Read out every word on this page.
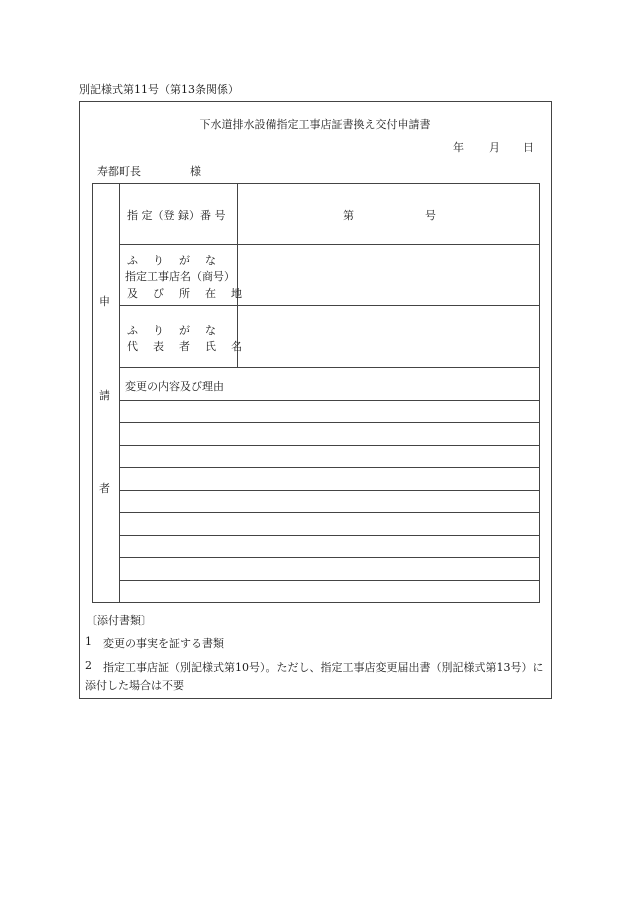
別記様式第11号（第13条関係）
下水道排水設備指定工事店証書換え交付申請書
年 月 日
寿都町長	様
申
請
者
指 定（登 録）番 号	第	号
ふ　り　が　な
指定工事店名（商号）
及　び　所　在　地
ふ　り　が　な
代　表　者　氏　名
変更の内容及び理由
〔添付書類〕
1 変更の事実を証する書類
2 指定工事店証（別記様式第10号）。ただし、指定工事店変更届出書（別記様式第13号）に
添付した場合は不要
